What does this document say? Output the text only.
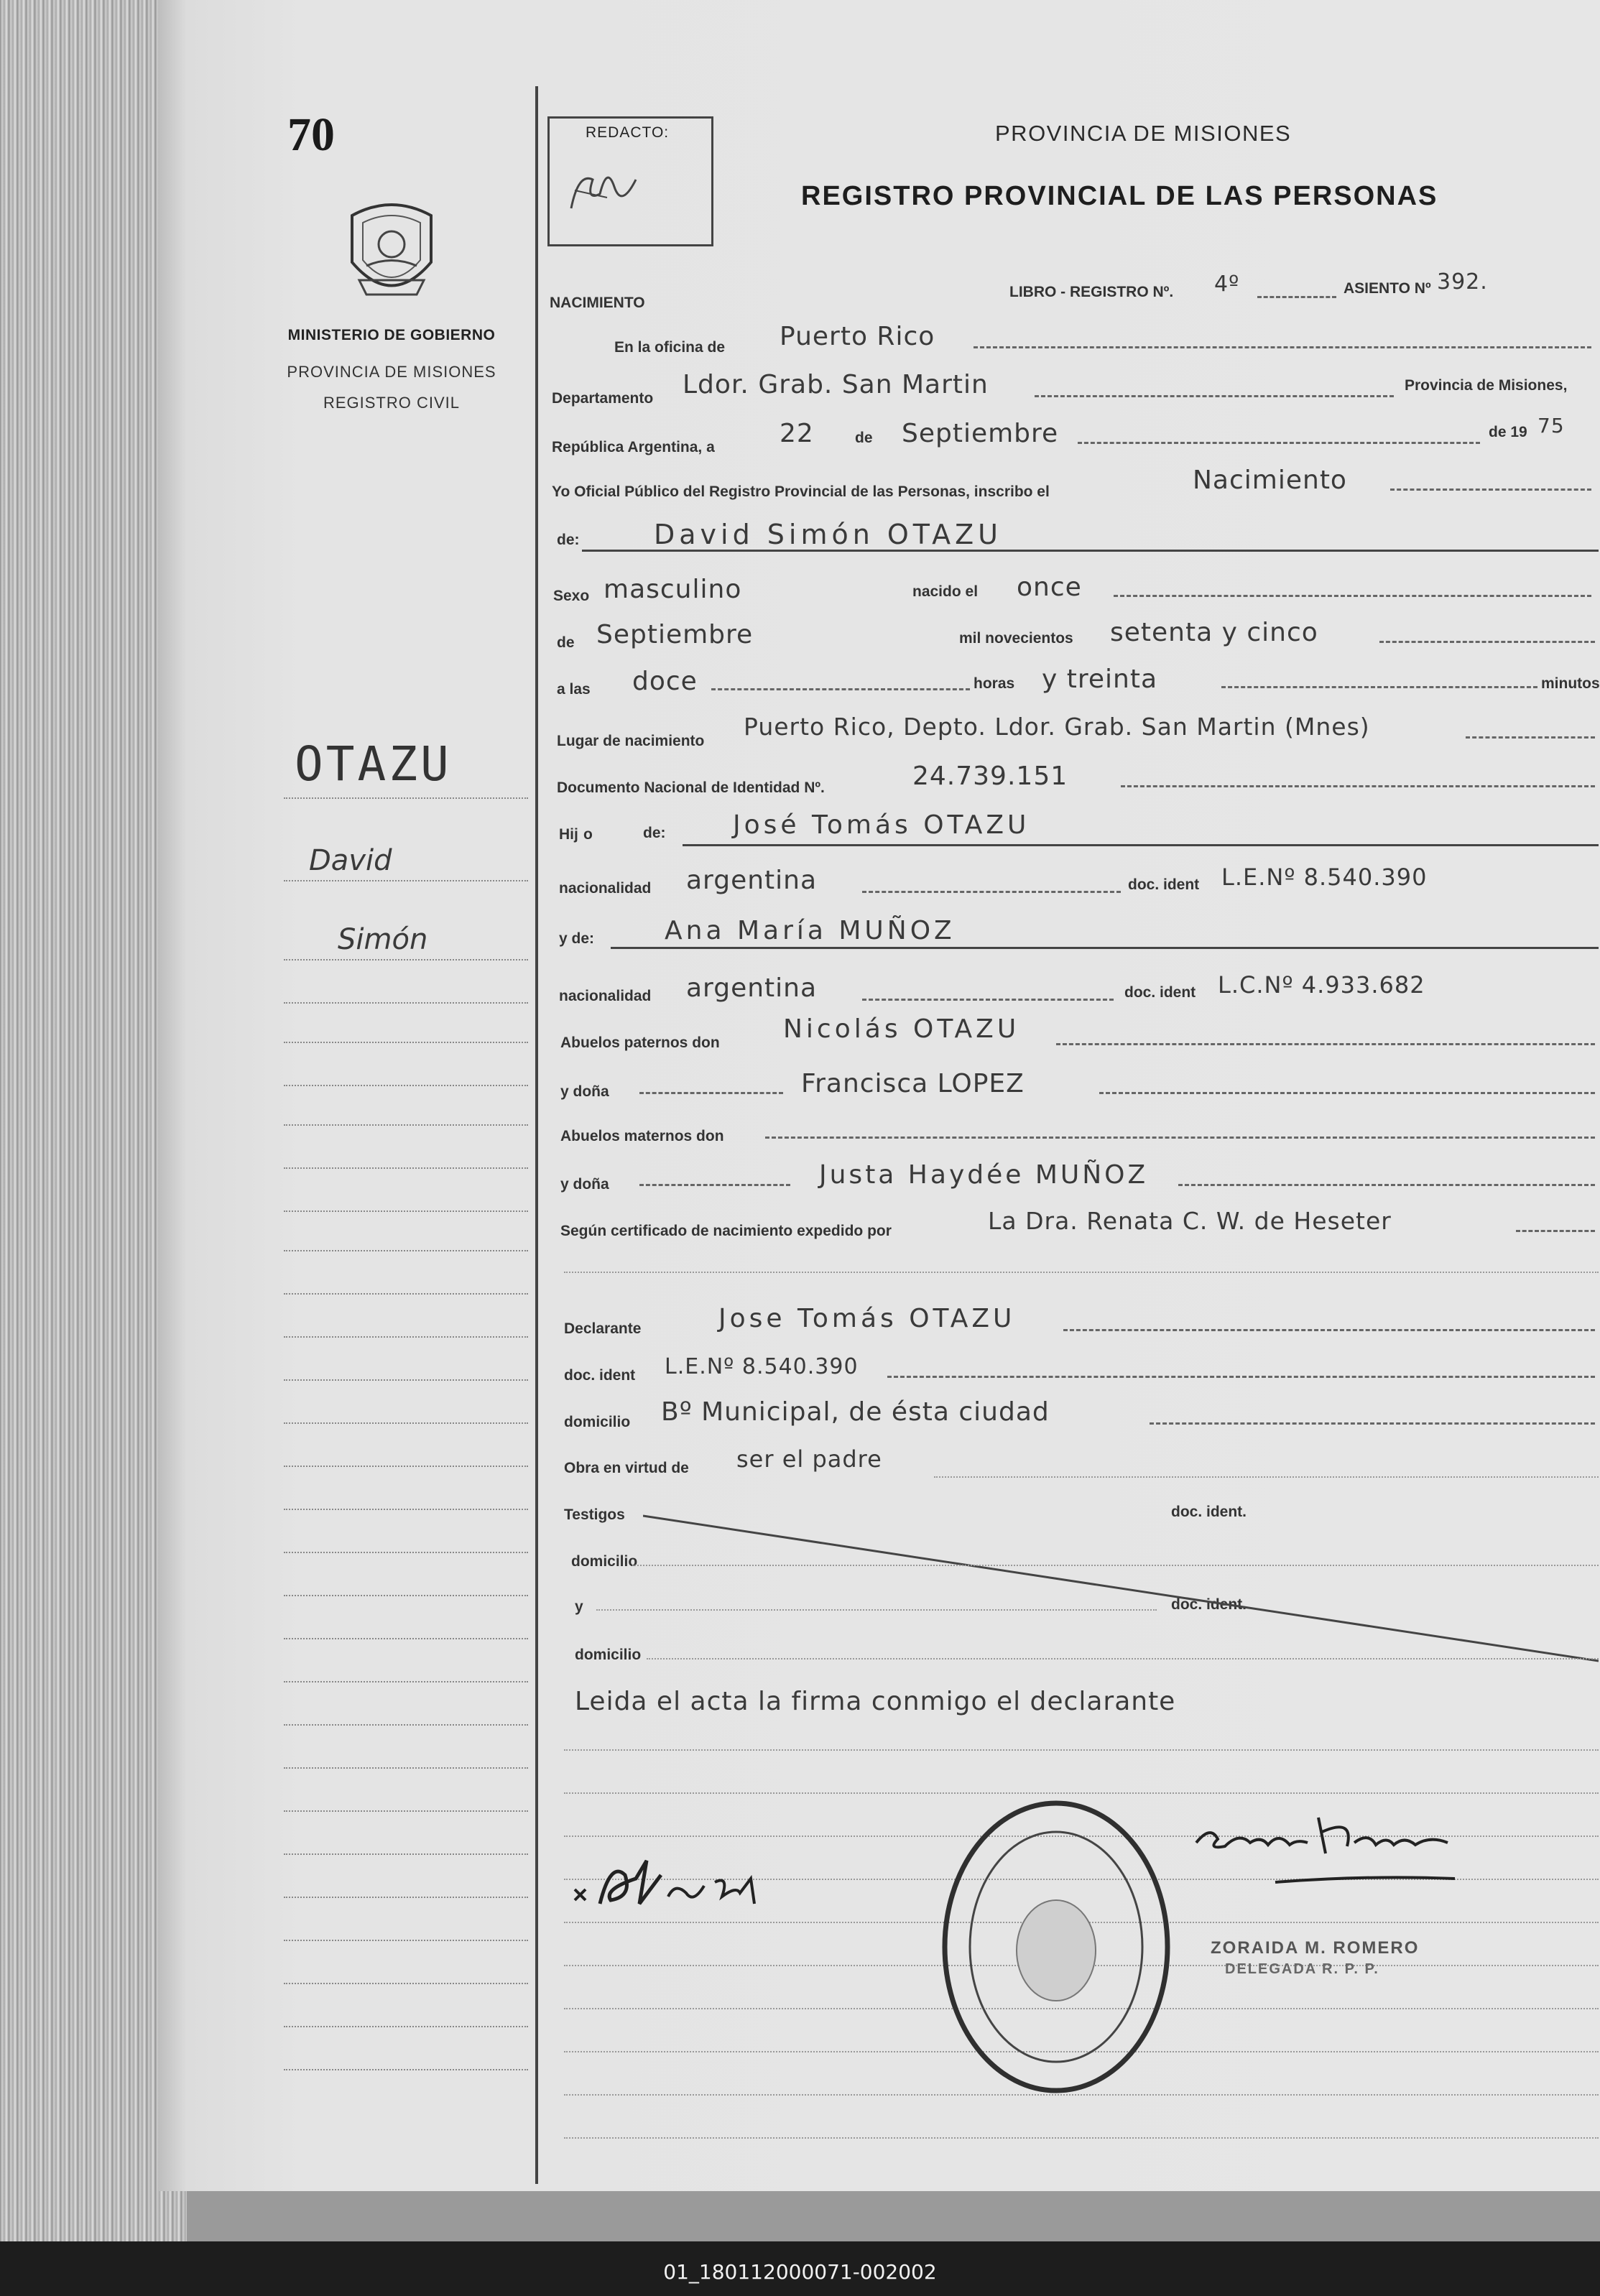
70
MINISTERIO DE GOBIERNO
PROVINCIA DE MISIONES
REGISTRO CIVIL
OTAZU
David
Simón
REDACTO:	PROVINCIA DE MISIONES
REGISTRO PROVINCIAL DE LAS PERSONAS
NACIMIENTO
LIBRO - REGISTRO Nº. 4º	ASIENTO Nº 392.
En la oficina de Puerto Rico
Departamento Ldor. Grab. San Martin	Provincia de Misiones,
República Argentina, a	22	de Septiembre	de 19 75
Yo Oficial Público del Registro Provincial de las Personas, inscribo el	Nacimiento
de:	David Simón OTAZU
Sexo masculino	nacido el once
de Septiembre	mil novecientos setenta y cinco
a las doce	horas y treinta	minutos
Lugar de nacimiento
Puerto Rico, Depto. Ldor. Grab. San Martin (Mnes)
Documento Nacional de Identidad Nº.	24.739.151
Hij o	de:	José Tomás OTAZU
nacionalidad argentina	doc. ident L.E.Nº 8.540.390
y de:	Ana María MUÑOZ
nacionalidad argentina	doc. ident L.C.Nº 4.933.682
Abuelos paternos don Nicolás OTAZU
y doña	Francisca LOPEZ
Abuelos maternos don
y doña	Justa Haydée MUÑOZ
Según certificado de nacimiento expedido por	La Dra. Renata C. W. de Heseter
Declarante	Jose Tomás OTAZU
doc. ident L.E.Nº 8.540.390
domicilio Bº Municipal, de ésta ciudad
Obra en virtud de ser el padre
Testigos	doc. ident.
domicilio
y	doc. ident.
domicilio
Leida el acta la firma conmigo el declarante
ZORAIDA M. ROMERO
DELEGADA R. P. P.
01_180112000071-002002
